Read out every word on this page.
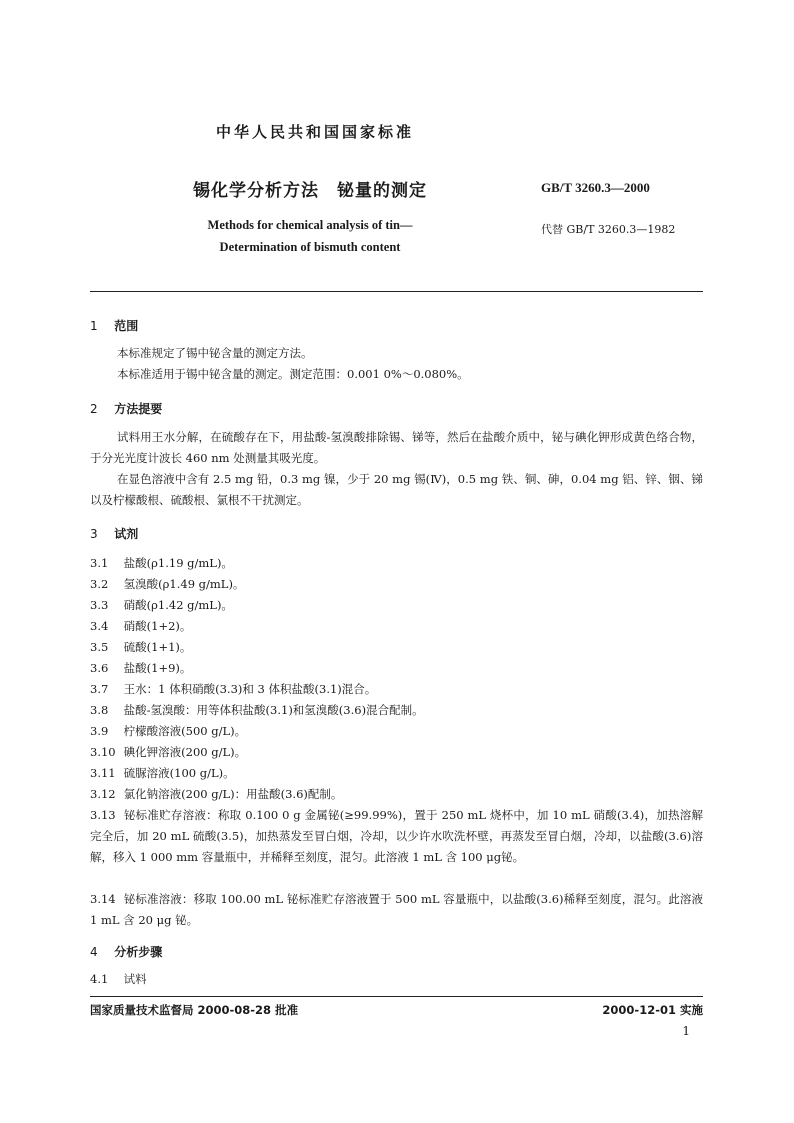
中华人民共和国国家标准
锡化学分析方法　铋量的测定	GB/T 3260.3—2000
Methods for chemical analysis of tin—
Determination of bismuth content
代替 GB/T 3260.3—1982
1 范围
本标准规定了锡中铋含量的测定方法。
本标准适用于锡中铋含量的测定。测定范围：0.001 0%～0.080%。
2 方法提要
试料用王水分解，在硫酸存在下，用盐酸-氢溴酸排除锡、锑等，然后在盐酸介质中，铋与碘化钾形成黄色络合物，于分光光度计波长 460 nm 处测量其吸光度。
在显色溶液中含有 2.5 mg 铅，0.3 mg 镍，少于 20 mg 锡(Ⅳ)，0.5 mg 铁、铜、砷，0.04 mg 铝、锌、铟、锑以及柠檬酸根、硫酸根、氯根不干扰测定。
3 试剂
3.1 盐酸(ρ1.19 g/mL)。
3.2 氢溴酸(ρ1.49 g/mL)。
3.3 硝酸(ρ1.42 g/mL)。
3.4 硝酸(1+2)。
3.5 硫酸(1+1)。
3.6 盐酸(1+9)。
3.7 王水：1 体积硝酸(3.3)和 3 体积盐酸(3.1)混合。
3.8 盐酸-氢溴酸：用等体积盐酸(3.1)和氢溴酸(3.6)混合配制。
3.9 柠檬酸溶液(500 g/L)。
3.10 碘化钾溶液(200 g/L)。
3.11 硫脲溶液(100 g/L)。
3.12 氯化钠溶液(200 g/L)：用盐酸(3.6)配制。
3.13 铋标准贮存溶液：称取 0.100 0 g 金属铋(≥99.99%)，置于 250 mL 烧杯中，加 10 mL 硝酸(3.4)，加热溶解完全后，加 20 mL 硫酸(3.5)，加热蒸发至冒白烟，冷却，以少许水吹洗杯壁，再蒸发至冒白烟，冷却，以盐酸(3.6)溶解，移入 1 000 mm 容量瓶中，并稀释至刻度，混匀。此溶液 1 mL 含 100 μg铋。
3.14 铋标准溶液：移取 100.00 mL 铋标准贮存溶液置于 500 mL 容量瓶中，以盐酸(3.6)稀释至刻度，混匀。此溶液 1 mL 含 20 μg 铋。
4 分析步骤
4.1 试料
国家质量技术监督局 2000-08-28 批准	2000-12-01 实施
1
